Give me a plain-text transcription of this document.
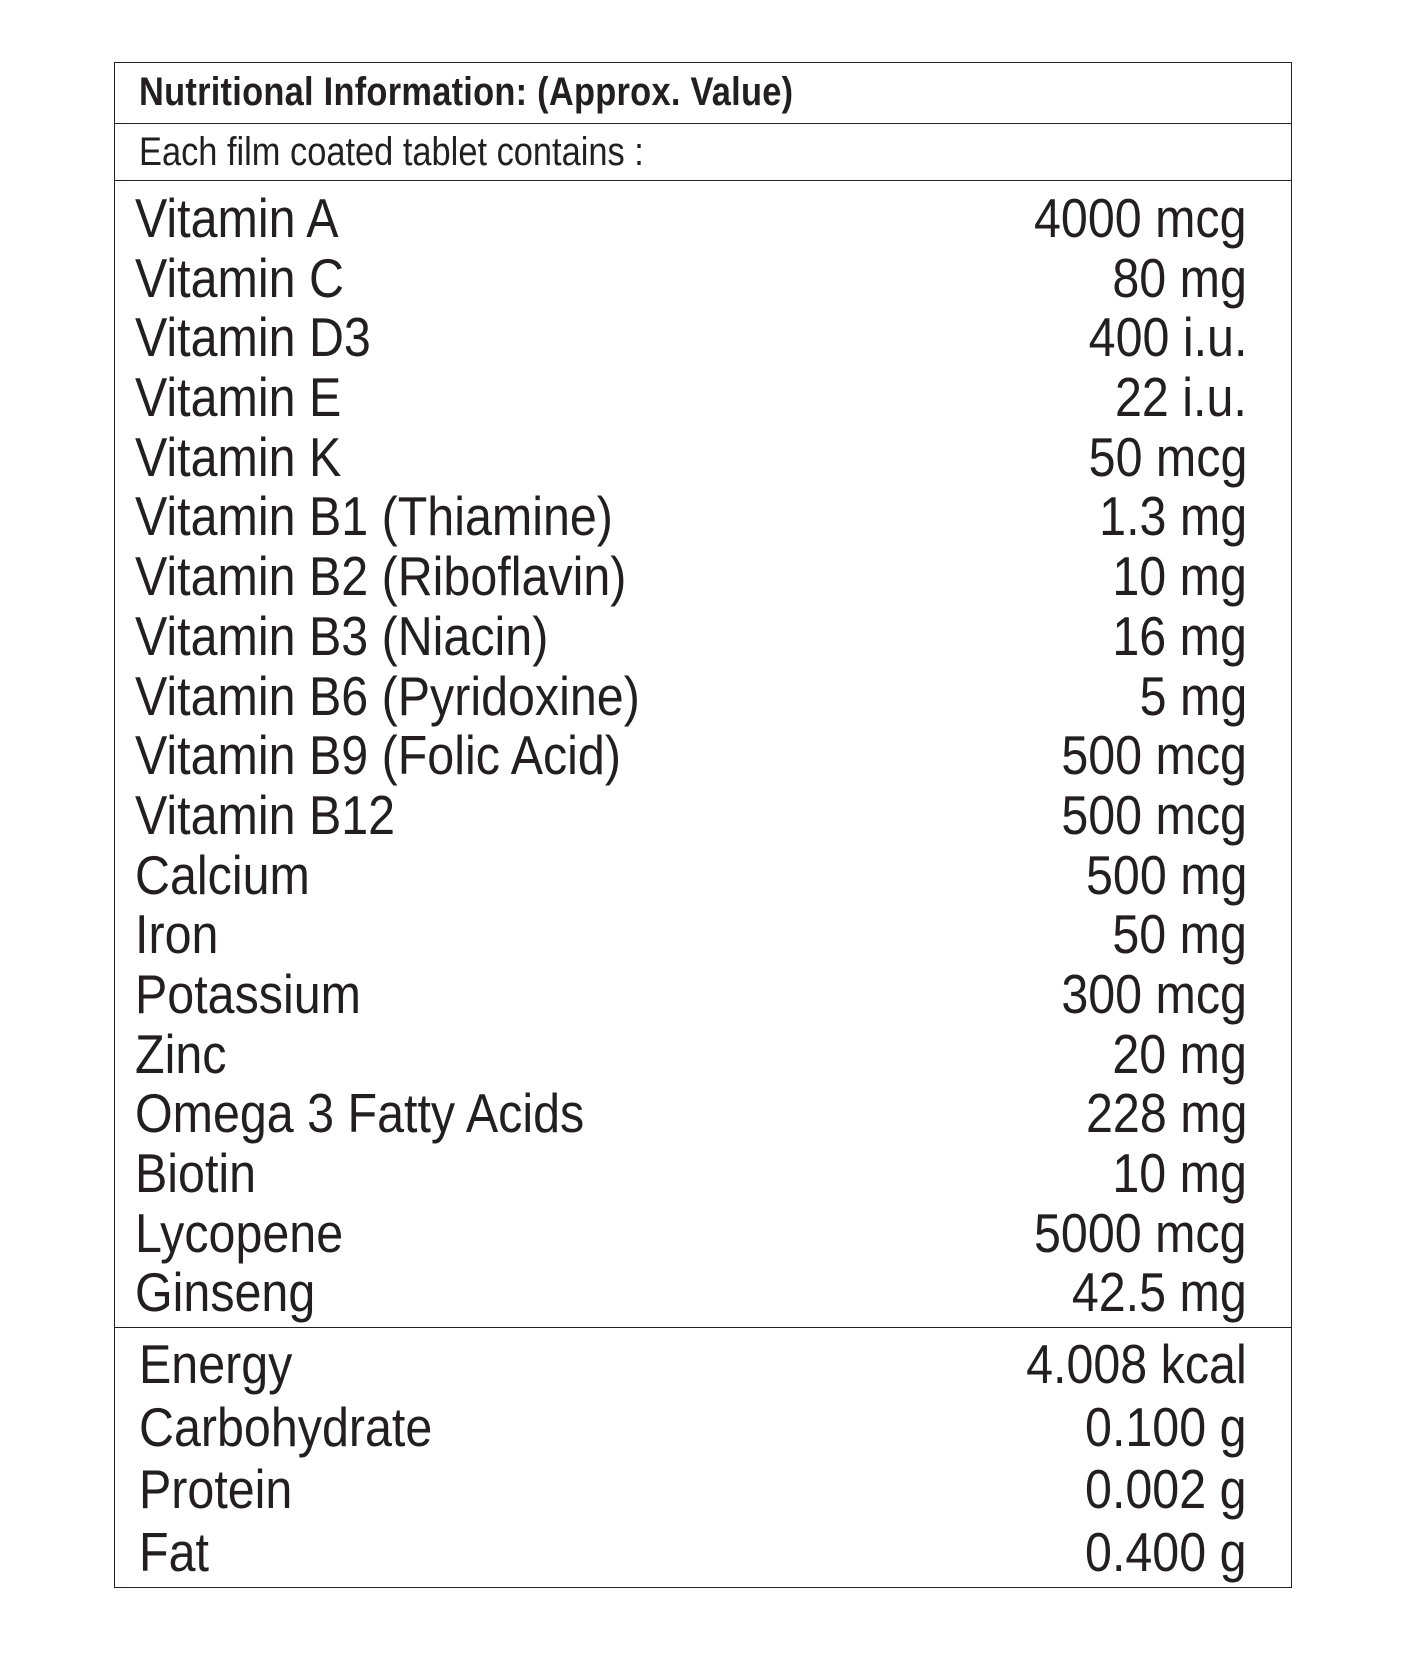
Nutritional Information: (Approx. Value)
Each film coated tablet contains :
Vitamin A	4000 mcg
Vitamin C	80 mg
Vitamin D3	400 i.u.
Vitamin E	22 i.u.
Vitamin K	50 mcg
Vitamin B1 (Thiamine)	1.3 mg
Vitamin B2 (Riboflavin)	10 mg
Vitamin B3 (Niacin)	16 mg
Vitamin B6 (Pyridoxine)	5 mg
Vitamin B9 (Folic Acid)	500 mcg
Vitamin B12	500 mcg
Calcium	500 mg
Iron	50 mg
Potassium	300 mcg
Zinc	20 mg
Omega 3 Fatty Acids	228 mg
Biotin	10 mg
Lycopene	5000 mcg
Ginseng	42.5 mg
Energy	4.008 kcal
Carbohydrate	0.100 g
Protein	0.002 g
Fat	0.400 g
